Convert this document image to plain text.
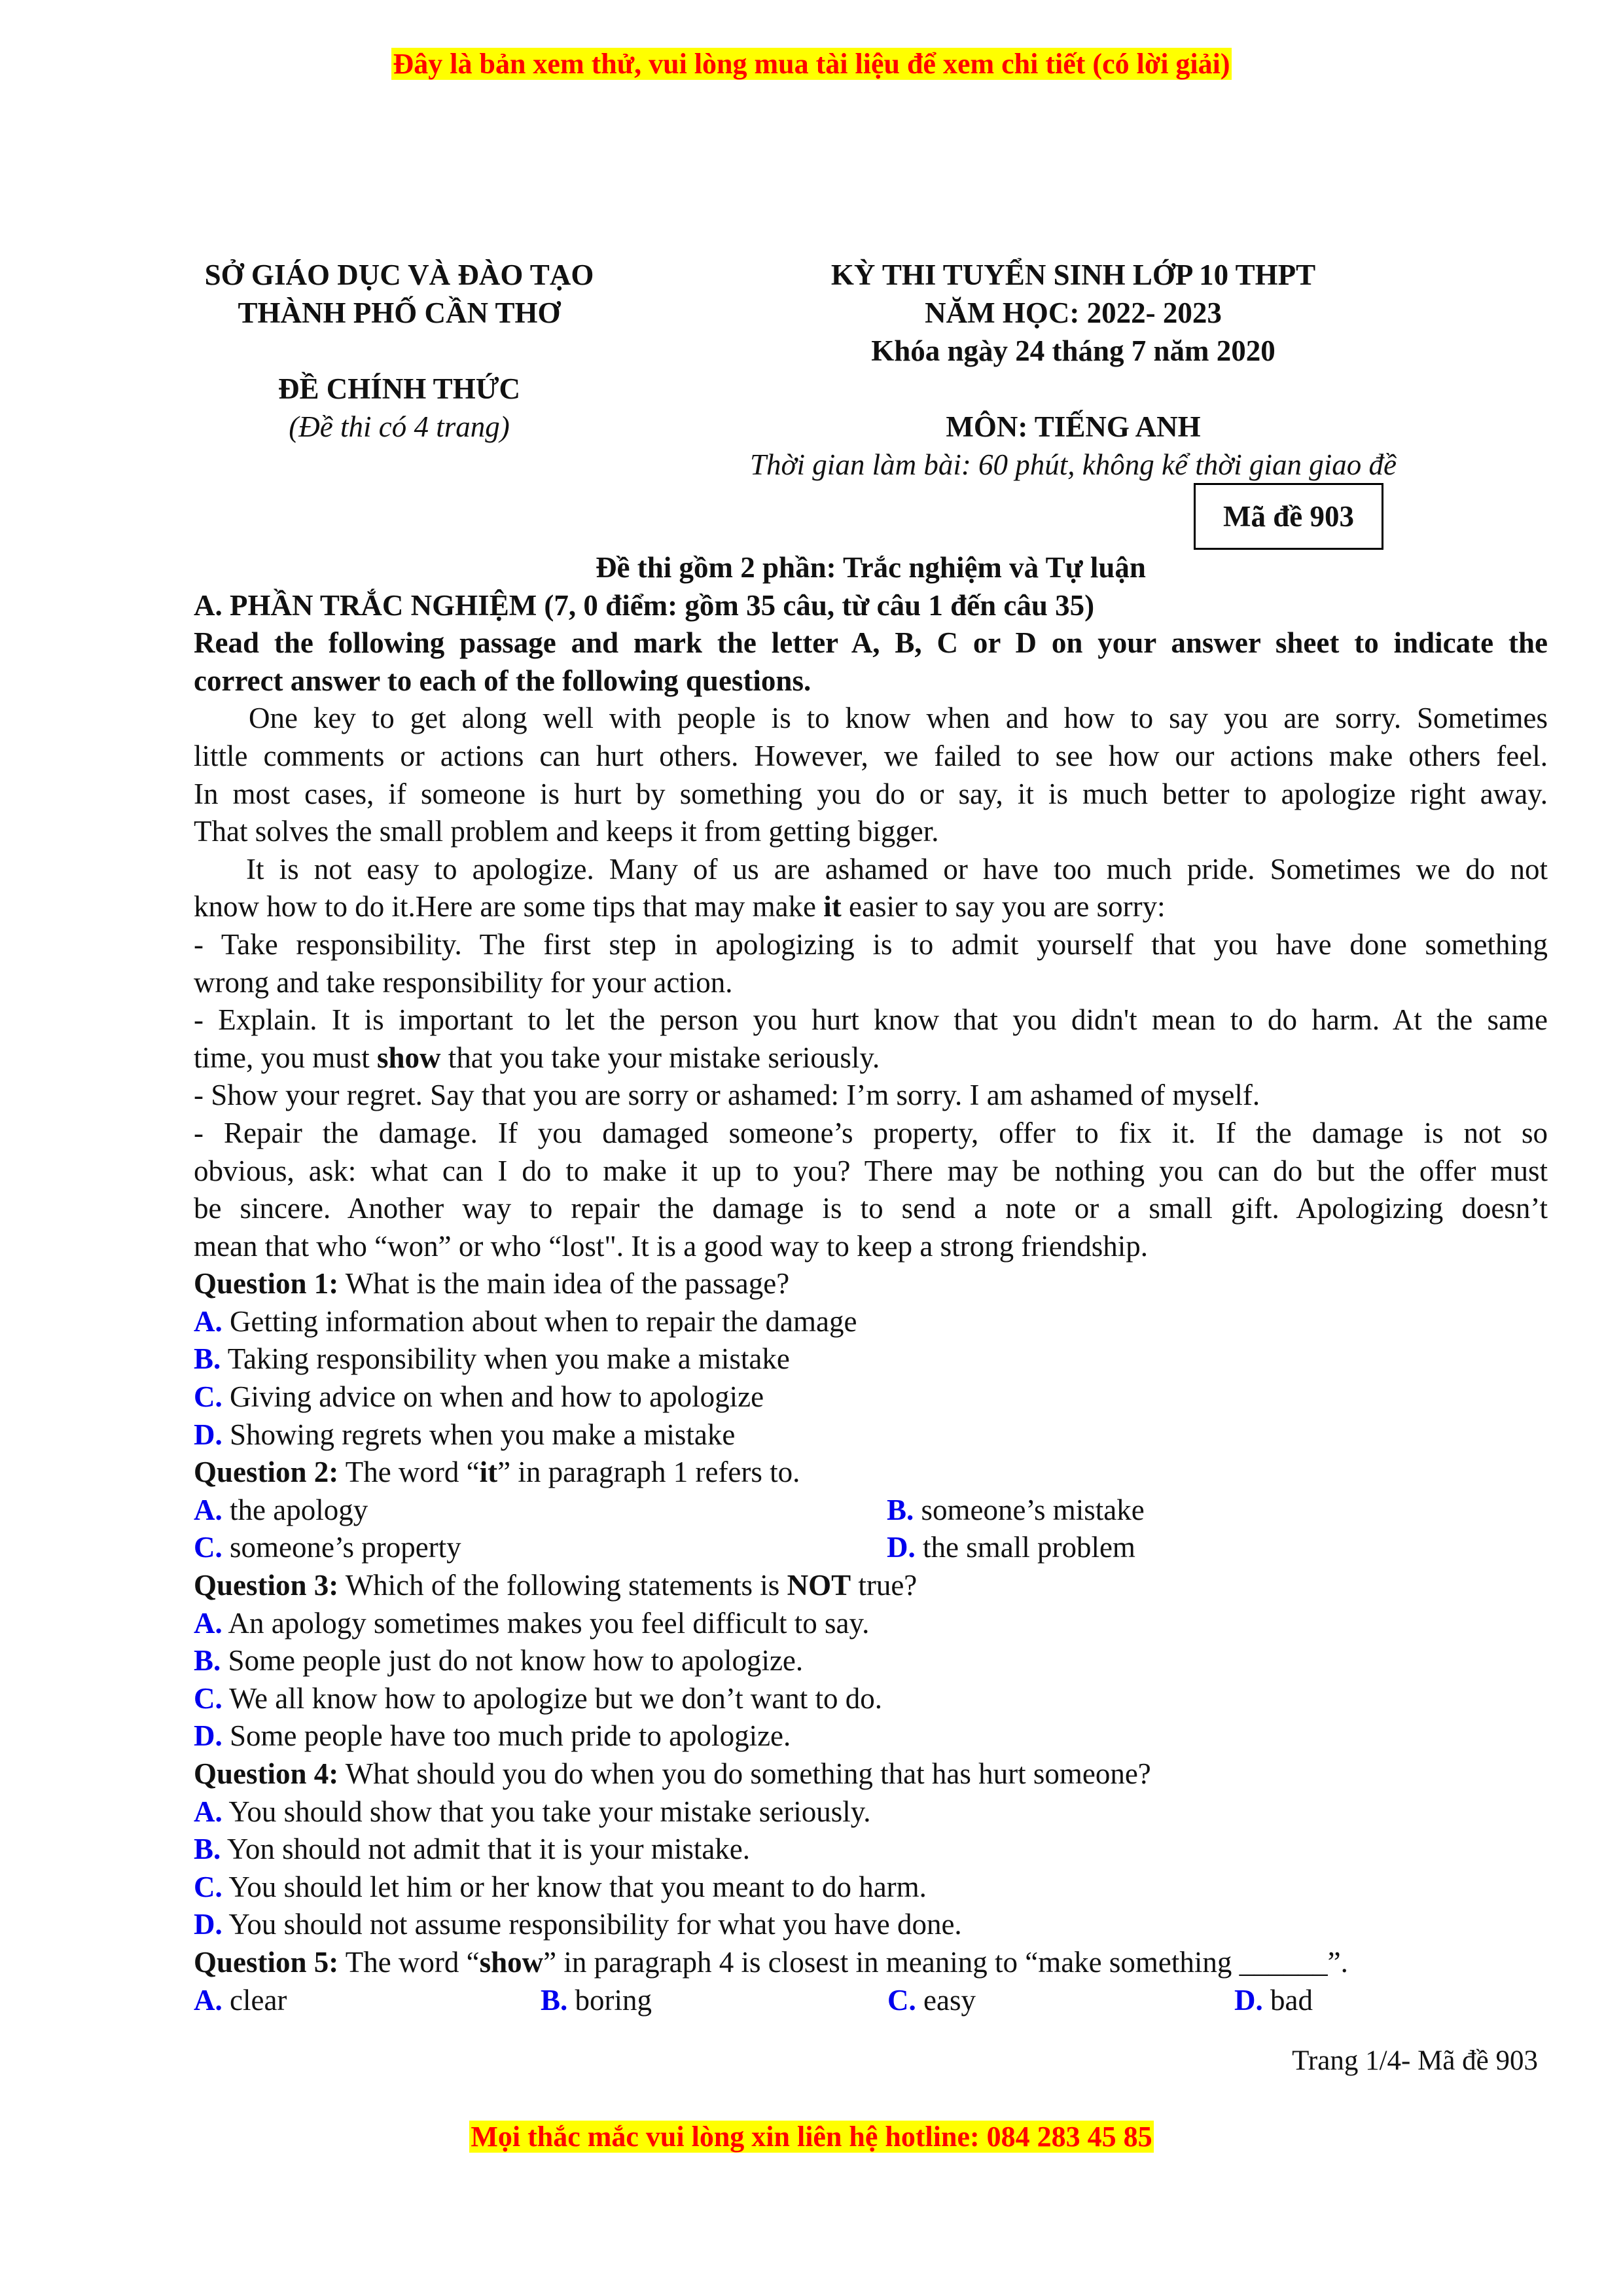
Đây là bản xem thử, vui lòng mua tài liệu để xem chi tiết (có lời giải)
SỞ GIÁO DỤC VÀ ĐÀO TẠO
THÀNH PHỐ CẦN THƠ
ĐỀ CHÍNH THỨC
(Đề thi có 4 trang)
KỲ THI TUYỂN SINH LỚP 10 THPT
NĂM HỌC: 2022- 2023
Khóa ngày 24 tháng 7 năm 2020
MÔN: TIẾNG ANH
Thời gian làm bài: 60 phút, không kể thời gian giao đề
Mã đề 903
Đề thi gồm 2 phần: Trắc nghiệm và Tự luận
A. PHẦN TRẮC NGHIỆM (7, 0 điểm: gồm 35 câu, từ câu 1 đến câu 35)
Read the following passage and mark the letter A, B, C or D on your answer sheet to indicate the
correct answer to each of the following questions.
One key to get along well with people is to know when and how to say you are sorry. Sometimes
little comments or actions can hurt others. However, we failed to see how our actions make others feel.
In most cases, if someone is hurt by something you do or say, it is much better to apologize right away.
That solves the small problem and keeps it from getting bigger.
It is not easy to apologize. Many of us are ashamed or have too much pride. Sometimes we do not
know how to do it.Here are some tips that may make it easier to say you are sorry:
- Take responsibility. The first step in apologizing is to admit yourself that you have done something
wrong and take responsibility for your action.
- Explain. It is important to let the person you hurt know that you didn't mean to do harm. At the same
time, you must show that you take your mistake seriously.
- Show your regret. Say that you are sorry or ashamed: I’m sorry. I am ashamed of myself.
- Repair the damage. If you damaged someone’s property, offer to fix it. If the damage is not so
obvious, ask: what can I do to make it up to you? There may be nothing you can do but the offer must
be sincere. Another way to repair the damage is to send a note or a small gift. Apologizing doesn’t
mean that who “won” or who “lost". It is a good way to keep a strong friendship.
Question 1: What is the main idea of the passage?
A. Getting information about when to repair the damage
B. Taking responsibility when you make a mistake
C. Giving advice on when and how to apologize
D. Showing regrets when you make a mistake
Question 2: The word “it” in paragraph 1 refers to.
A. the apology	B. someone’s mistake
C. someone’s property	D. the small problem
Question 3: Which of the following statements is NOT true?
A. An apology sometimes makes you feel difficult to say.
B. Some people just do not know how to apologize.
C. We all know how to apologize but we don’t want to do.
D. Some people have too much pride to apologize.
Question 4: What should you do when you do something that has hurt someone?
A. You should show that you take your mistake seriously.
B. Yon should not admit that it is your mistake.
C. You should let him or her know that you meant to do harm.
D. You should not assume responsibility for what you have done.
Question 5: The word “show” in paragraph 4 is closest in meaning to “make something ______”.
A. clear	B. boring	C. easy	D. bad
Trang 1/4- Mã đề 903
Mọi thắc mắc vui lòng xin liên hệ hotline: 084 283 45 85
